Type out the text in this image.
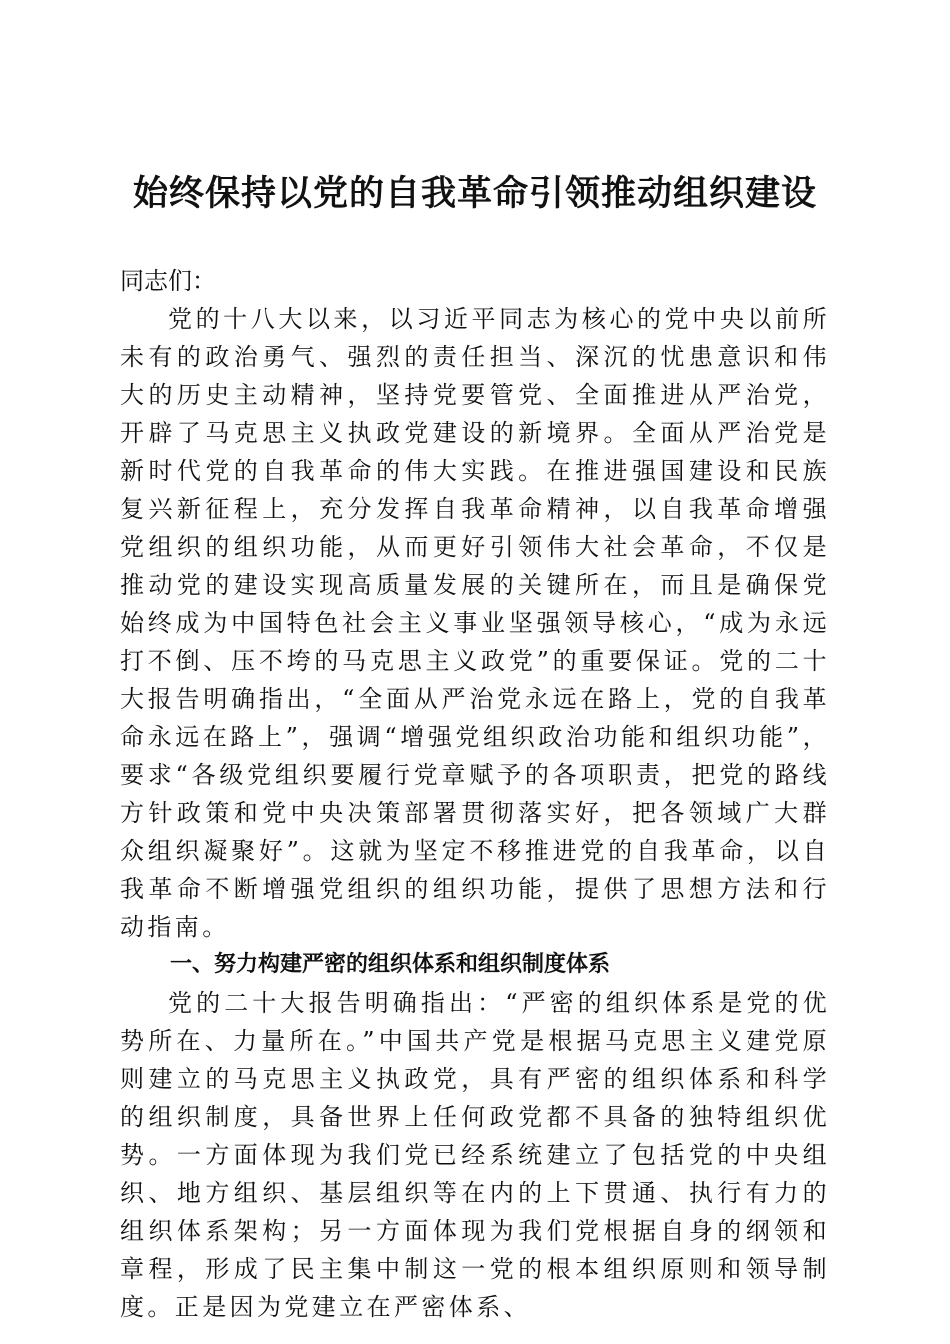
始终保持以党的自我革命引领推动组织建设

同志们：

党的十八大以来，以习近平同志为核心的党中央以前所未有的政治勇气、强烈的责任担当、深沉的忧患意识和伟大的历史主动精神，坚持党要管党、全面推进从严治党，开辟了马克思主义执政党建设的新境界。全面从严治党是新时代党的自我革命的伟大实践。在推进强国建设和民族复兴新征程上，充分发挥自我革命精神，以自我革命增强党组织的组织功能，从而更好引领伟大社会革命，不仅是推动党的建设实现高质量发展的关键所在，而且是确保党始终成为中国特色社会主义事业坚强领导核心，“成为永远打不倒、压不垮的马克思主义政党”的重要保证。党的二十大报告明确指出，“全面从严治党永远在路上，党的自我革命永远在路上”，强调“增强党组织政治功能和组织功能”，要求“各级党组织要履行党章赋予的各项职责，把党的路线方针政策和党中央决策部署贯彻落实好，把各领域广大群众组织凝聚好”。这就为坚定不移推进党的自我革命，以自我革命不断增强党组织的组织功能，提供了思想方法和行动指南。

一、努力构建严密的组织体系和组织制度体系

党的二十大报告明确指出：“严密的组织体系是党的优势所在、力量所在。”中国共产党是根据马克思主义建党原则建立的马克思主义执政党，具有严密的组织体系和科学的组织制度，具备世界上任何政党都不具备的独特组织优势。一方面体现为我们党已经系统建立了包括党的中央组织、地方组织、基层组织等在内的上下贯通、执行有力的组织体系架构；另一方面体现为我们党根据自身的纲领和章程，形成了民主集中制这一党的根本组织原则和领导制度。正是因为党建立在严密体系、
